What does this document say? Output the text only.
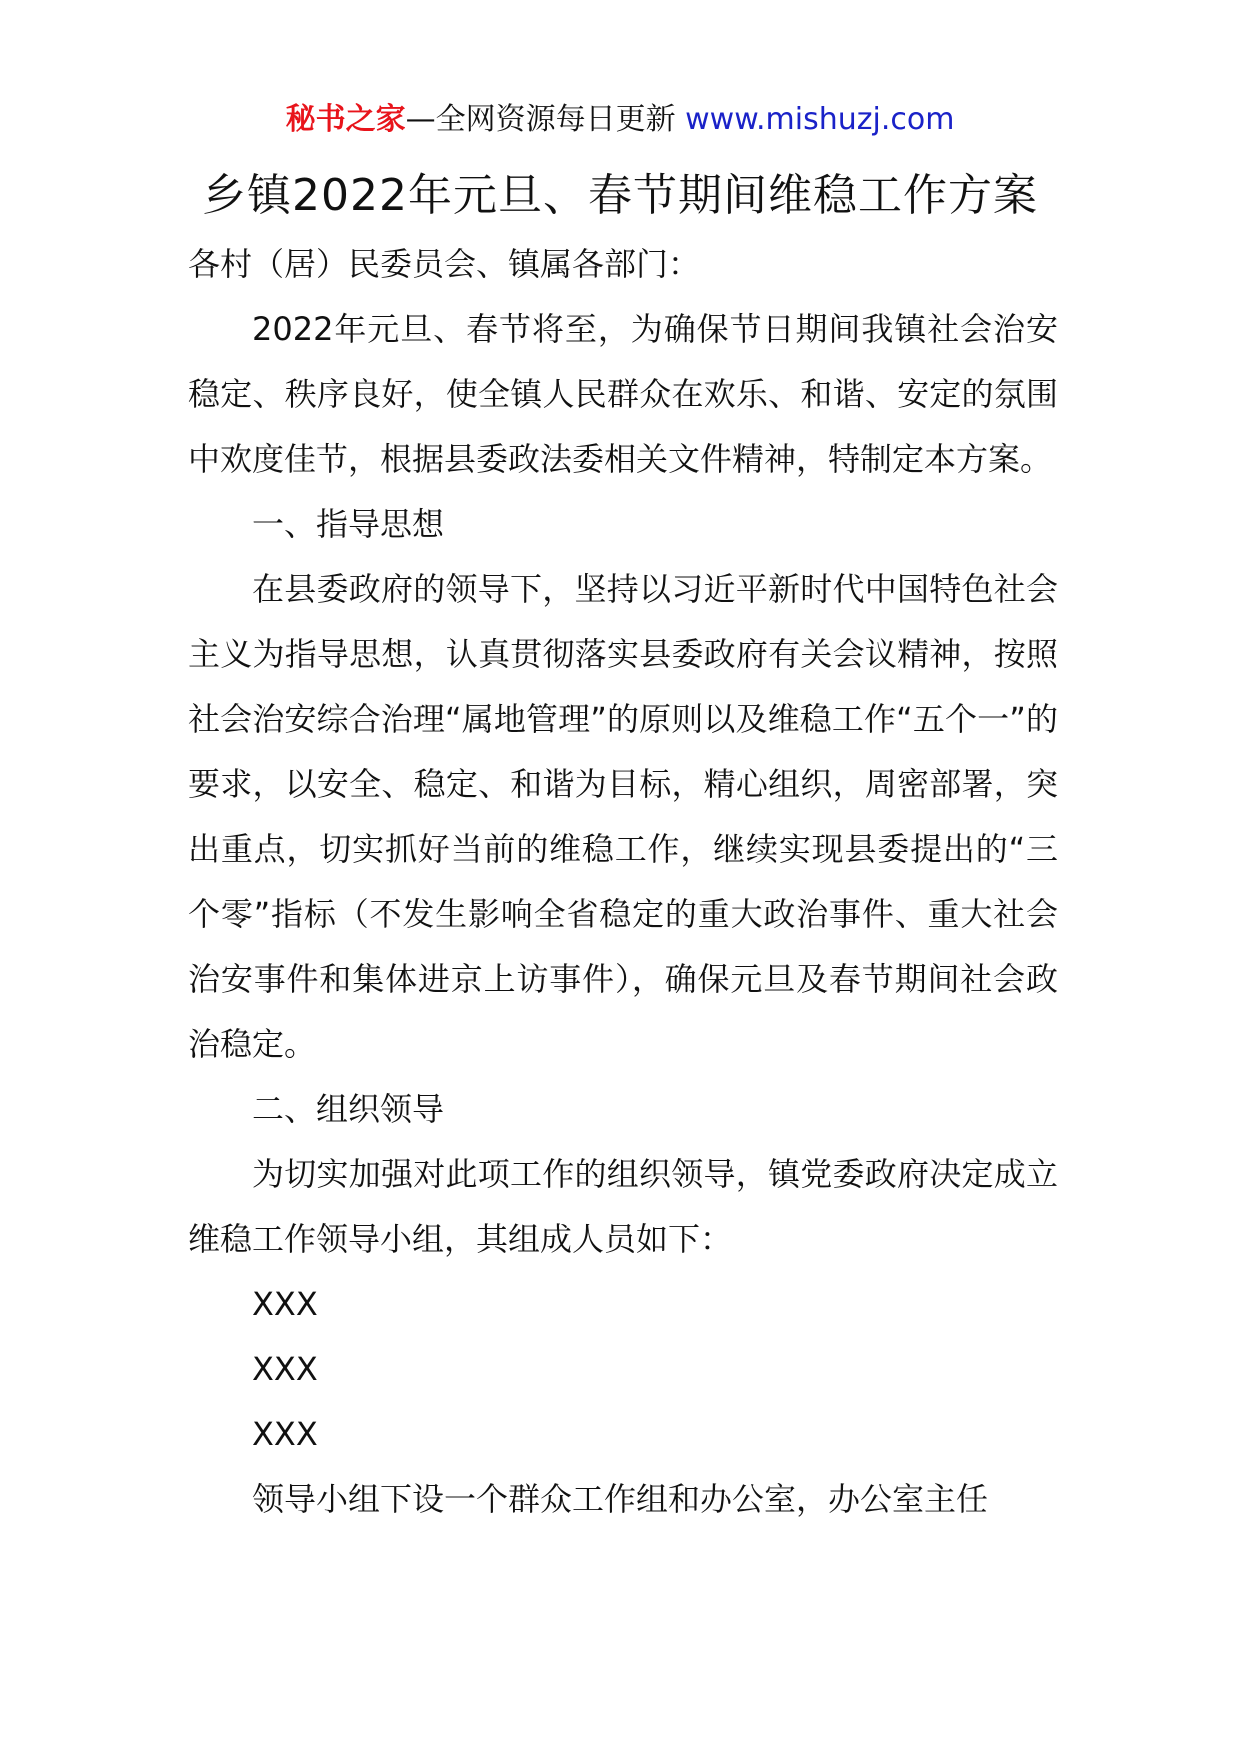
秘书之家—全网资源每日更新 www.mishuzj.com
乡镇2022年元旦、春节期间维稳工作方案

各村（居）民委员会、镇属各部门：

2022年元旦、春节将至，为确保节日期间我镇社会治安稳定、秩序良好，使全镇人民群众在欢乐、和谐、安定的氛围中欢度佳节，根据县委政法委相关文件精神，特制定本方案。

一、指导思想

在县委政府的领导下，坚持以习近平新时代中国特色社会主义为指导思想，认真贯彻落实县委政府有关会议精神，按照社会治安综合治理“属地管理”的原则以及维稳工作“五个一”的要求，以安全、稳定、和谐为目标，精心组织，周密部署，突出重点，切实抓好当前的维稳工作，继续实现县委提出的“三个零”指标（不发生影响全省稳定的重大政治事件、重大社会治安事件和集体进京上访事件），确保元旦及春节期间社会政治稳定。

二、组织领导

为切实加强对此项工作的组织领导，镇党委政府决定成立维稳工作领导小组，其组成人员如下：

XXX

XXX

XXX

领导小组下设一个群众工作组和办公室，办公室主任
